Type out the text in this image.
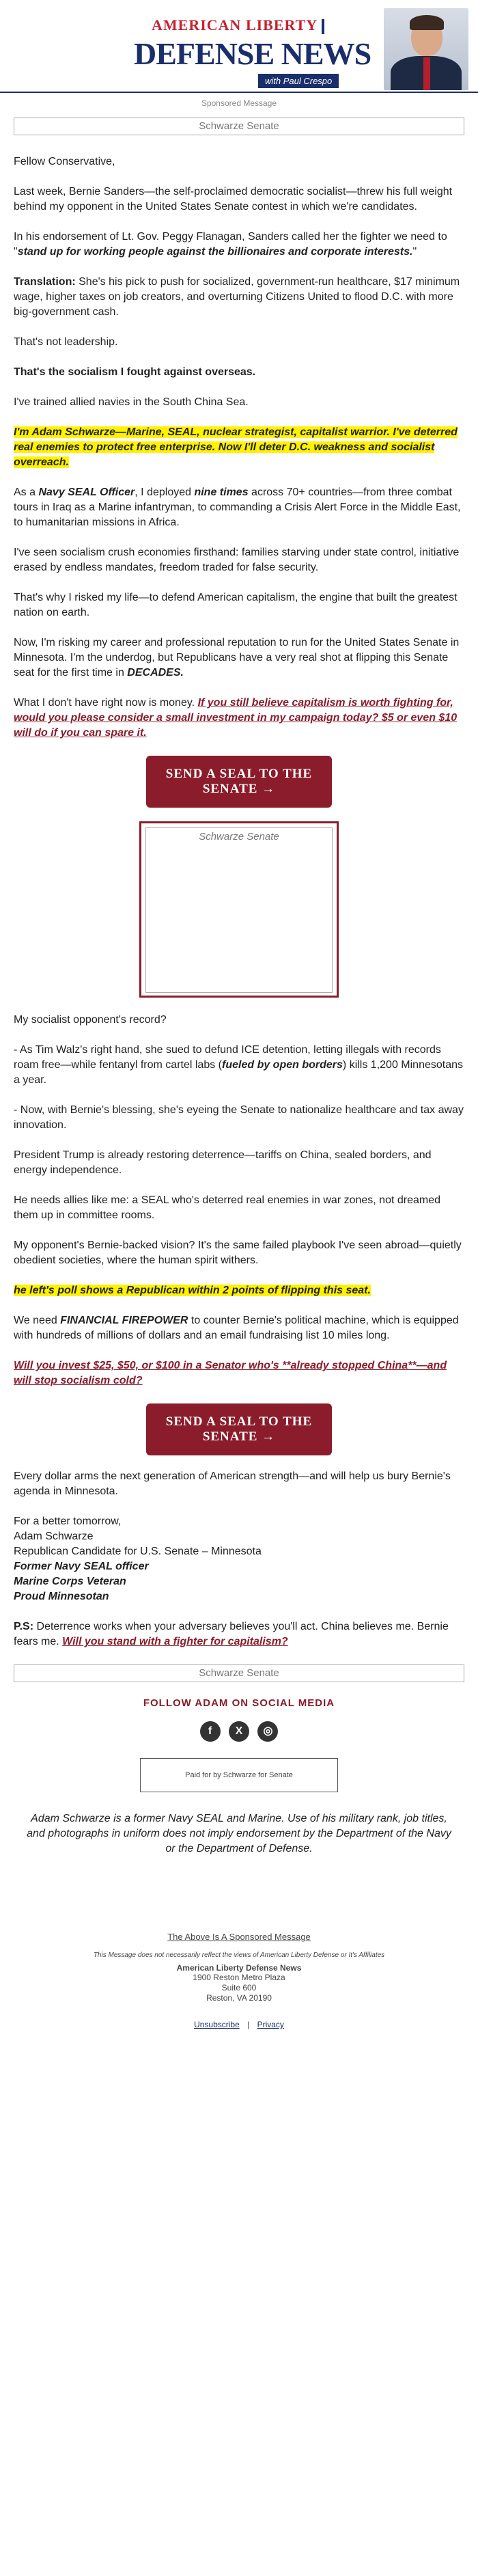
AMERICAN LIBERTY
DEFENSE NEWS
with Paul Crespo
Sponsored Message
Schwarze Senate

Fellow Conservative,

Last week, Bernie Sanders—the self-proclaimed democratic socialist—threw his full weight behind my opponent in the United States Senate contest in which we're candidates.

In his endorsement of Lt. Gov. Peggy Flanagan, Sanders called her the fighter we need to "stand up for working people against the billionaires and corporate interests."

Translation: She's his pick to push for socialized, government-run healthcare, $17 minimum wage, higher taxes on job creators, and overturning Citizens United to flood D.C. with more big-government cash.

That's not leadership.

That's the socialism I fought against overseas.

I've trained allied navies in the South China Sea.

I'm Adam Schwarze—Marine, SEAL, nuclear strategist, capitalist warrior. I've deterred real enemies to protect free enterprise. Now I'll deter D.C. weakness and socialist overreach.

As a Navy SEAL Officer, I deployed nine times across 70+ countries—from three combat tours in Iraq as a Marine infantryman, to commanding a Crisis Alert Force in the Middle East, to humanitarian missions in Africa.

I've seen socialism crush economies firsthand: families starving under state control, initiative erased by endless mandates, freedom traded for false security.

That's why I risked my life—to defend American capitalism, the engine that built the greatest nation on earth.

Now, I'm risking my career and professional reputation to run for the United States Senate in Minnesota. I'm the underdog, but Republicans have a very real shot at flipping this Senate seat for the first time in DECADES.

What I don't have right now is money. If you still believe capitalism is worth fighting for, would you please consider a small investment in my campaign today? $5 or even $10 will do if you can spare it.

SEND A SEAL TO THE SENATE →
Schwarze Senate

My socialist opponent's record?

- As Tim Walz's right hand, she sued to defund ICE detention, letting illegals with records roam free—while fentanyl from cartel labs (fueled by open borders) kills 1,200 Minnesotans a year.

- Now, with Bernie's blessing, she's eyeing the Senate to nationalize healthcare and tax away innovation.

President Trump is already restoring deterrence—tariffs on China, sealed borders, and energy independence.

He needs allies like me: a SEAL who's deterred real enemies in war zones, not dreamed them up in committee rooms.

My opponent's Bernie-backed vision? It's the same failed playbook I've seen abroad—quietly obedient societies, where the human spirit withers.

he left's poll shows a Republican within 2 points of flipping this seat.

We need FINANCIAL FIREPOWER to counter Bernie's political machine, which is equipped with hundreds of millions of dollars and an email fundraising list 10 miles long.

Will you invest $25, $50, or $100 in a Senator who's **already stopped China**—and will stop socialism cold?

SEND A SEAL TO THE SENATE →

Every dollar arms the next generation of American strength—and will help us bury Bernie's agenda in Minnesota.

For a better tomorrow,
Adam Schwarze
Republican Candidate for U.S. Senate – Minnesota
Former Navy SEAL officer
Marine Corps Veteran
Proud Minnesotan

P.S: Deterrence works when your adversary believes you'll act. China believes me. Bernie fears me. Will you stand with a fighter for capitalism?

Schwarze Senate
FOLLOW ADAM ON SOCIAL MEDIA
f X ◎
Paid for by Schwarze for Senate
Adam Schwarze is a former Navy SEAL and Marine. Use of his military rank, job titles, and photographs in uniform does not imply endorsement by the Department of the Navy or the Department of Defense.
The Above Is A Sponsored Message
This Message does not necessarily reflect the views of American Liberty Defense or It's Affiliates
American Liberty Defense News
1900 Reston Metro Plaza
Suite 600
Reston, VA 20190
Unsubscribe | Privacy
